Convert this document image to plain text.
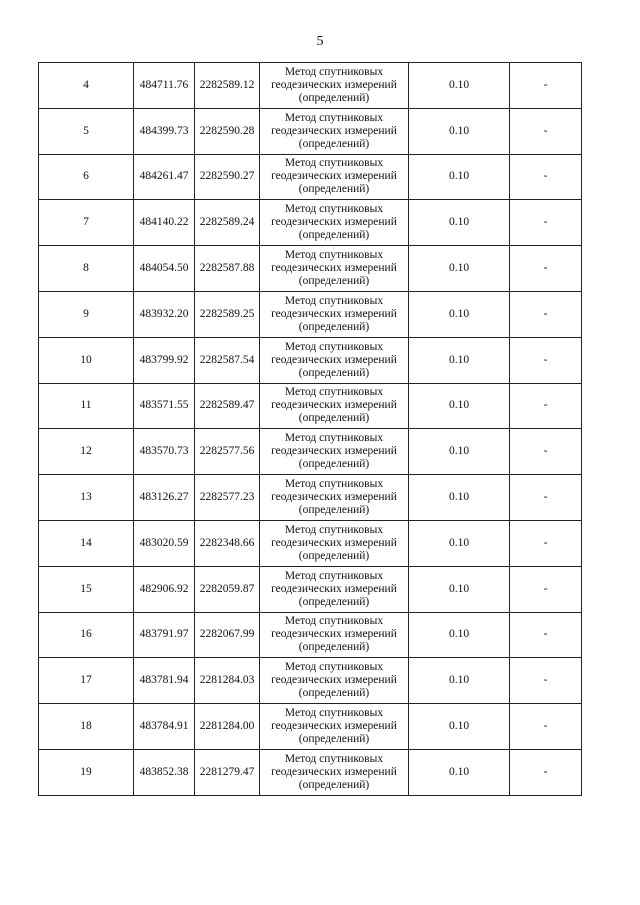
5
4	484711.76	2282589.12	Метод спутниковых
геодезических измерений
(определений)	0.10	-
5	484399.73	2282590.28	Метод спутниковых
геодезических измерений
(определений)	0.10	-
6	484261.47	2282590.27	Метод спутниковых
геодезических измерений
(определений)	0.10	-
7	484140.22	2282589.24	Метод спутниковых
геодезических измерений
(определений)	0.10	-
8	484054.50	2282587.88	Метод спутниковых
геодезических измерений
(определений)	0.10	-
9	483932.20	2282589.25	Метод спутниковых
геодезических измерений
(определений)	0.10	-
10	483799.92	2282587.54	Метод спутниковых
геодезических измерений
(определений)	0.10	-
11	483571.55	2282589.47	Метод спутниковых
геодезических измерений
(определений)	0.10	-
12	483570.73	2282577.56	Метод спутниковых
геодезических измерений
(определений)	0.10	-
13	483126.27	2282577.23	Метод спутниковых
геодезических измерений
(определений)	0.10	-
14	483020.59	2282348.66	Метод спутниковых
геодезических измерений
(определений)	0.10	-
15	482906.92	2282059.87	Метод спутниковых
геодезических измерений
(определений)	0.10	-
16	483791.97	2282067.99	Метод спутниковых
геодезических измерений
(определений)	0.10	-
17	483781.94	2281284.03	Метод спутниковых
геодезических измерений
(определений)	0.10	-
18	483784.91	2281284.00	Метод спутниковых
геодезических измерений
(определений)	0.10	-
19	483852.38	2281279.47	Метод спутниковых
геодезических измерений
(определений)	0.10	-
